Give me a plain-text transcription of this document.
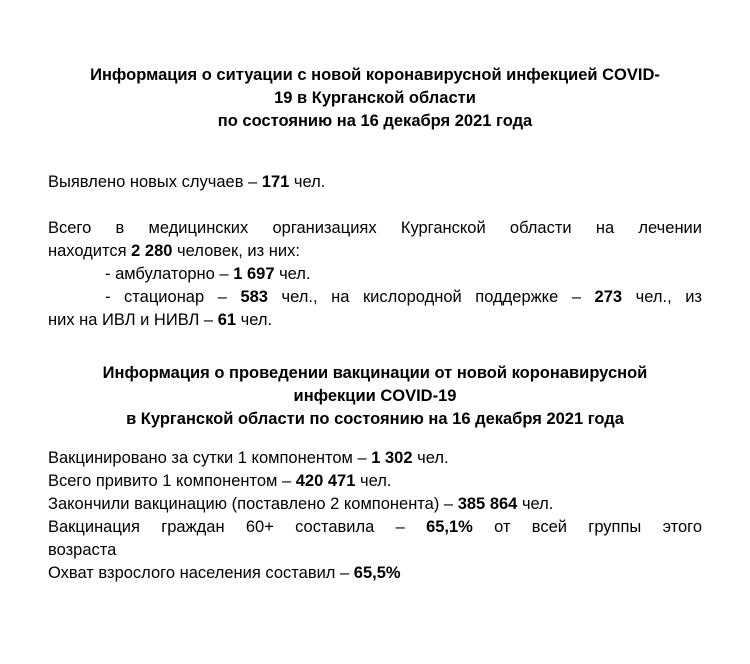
Информация о ситуации с новой коронавирусной инфекцией COVID-
19 в Курганской области
по состоянию на 16 декабря 2021 года
Выявлено новых случаев – 171 чел.
Всего в медицинских организациях Курганской области на лечении
находится 2 280 человек, из них:
- амбулаторно – 1 697 чел.
- стационар – 583 чел., на кислородной поддержке – 273 чел., из
них на ИВЛ и НИВЛ – 61 чел.
Информация о проведении вакцинации от новой коронавирусной
инфекции COVID-19
в Курганской области по состоянию на 16 декабря 2021 года
Вакцинировано за сутки 1 компонентом – 1 302 чел.
Всего привито 1 компонентом – 420 471 чел.
Закончили вакцинацию (поставлено 2 компонента) – 385 864 чел.
Вакцинация граждан 60+ составила – 65,1% от всей группы этого
возраста
Охват взрослого населения составил – 65,5%
